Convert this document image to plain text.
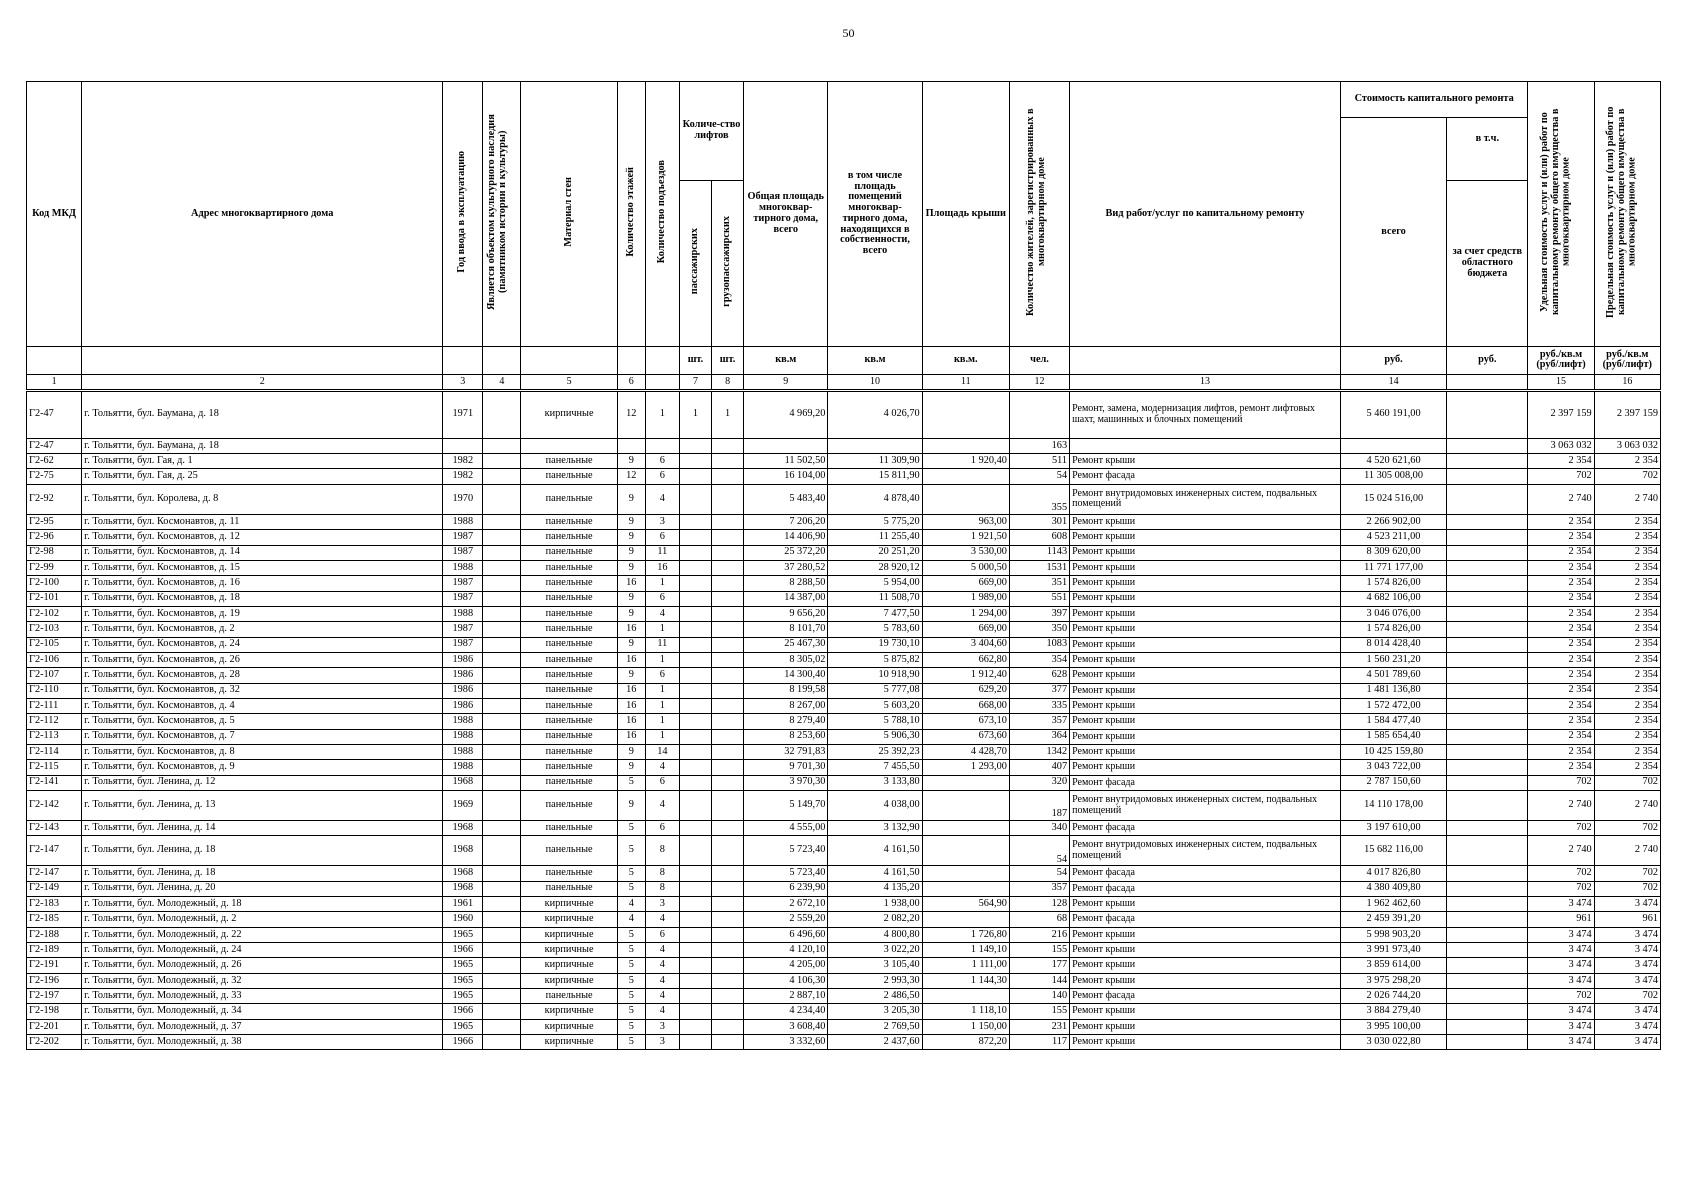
50
Код МКД	Адрес многоквартирного дома	Год ввода в эксплуатацию	Является объектом культурного наследия (памятником истории и культуры)	Материал стен	Количество этажей	Количество подъездов	Количе-ство лифтов		Общая площадь многоквар-тирного дома, всего	в том числе площадь помещений многоквар-тирного дома, находящихся в собственности, всего	Площадь крыши	Количество жителей, зарегистрированных в многоквартирном доме	Вид работ/услуг по капитальному ремонту	Стоимость капитального ремонта		Удельная стоимость услуг и (или) работ по капитальному ремонту общего имущества в многоквартирном доме	Предельная стоимость услуг и (или) работ по капитальному ремонту общего имущества в многоквартирном доме
														всего	в т.ч.		
							пассажирских	грузопассажирских							за счет средств областного бюджета		
							шт.	шт.	кв.м	кв.м	кв.м.	чел.		руб.	руб.	руб./кв.м (руб/лифт)	руб./кв.м (руб/лифт)
1	2	3	4	5	6		7	8	9	10	11	12	13	14		15	16
Г2-47	г. Тольятти, бул. Баумана, д. 18	1971		кирпичные	12	1	1	1	4 969,20	4 026,70			Ремонт, замена, модернизация лифтов, ремонт лифтовых шахт, машинных и блочных помещений	5 460 191,00		2 397 159	2 397 159
Г2-47	г. Тольятти, бул. Баумана, д. 18											163				3 063 032	3 063 032
Г2-62	г. Тольятти, бул. Гая, д. 1	1982		панельные	9	6			11 502,50	11 309,90	1 920,40	511	Ремонт крыши	4 520 621,60		2 354	2 354
Г2-75	г. Тольятти, бул. Гая, д. 25	1982		панельные	12	6			16 104,00	15 811,90		54	Ремонт фасада	11 305 008,00		702	702
Г2-92	г. Тольятти, бул. Королева, д. 8	1970		панельные	9	4			5 483,40	4 878,40		355	Ремонт внутридомовых инженерных систем, подвальных помещений	15 024 516,00		2 740	2 740
Г2-95	г. Тольятти, бул. Космонавтов, д. 11	1988		панельные	9	3			7 206,20	5 775,20	963,00	301	Ремонт крыши	2 266 902,00		2 354	2 354
Г2-96	г. Тольятти, бул. Космонавтов, д. 12	1987		панельные	9	6			14 406,90	11 255,40	1 921,50	608	Ремонт крыши	4 523 211,00		2 354	2 354
Г2-98	г. Тольятти, бул. Космонавтов, д. 14	1987		панельные	9	11			25 372,20	20 251,20	3 530,00	1143	Ремонт крыши	8 309 620,00		2 354	2 354
Г2-99	г. Тольятти, бул. Космонавтов, д. 15	1988		панельные	9	16			37 280,52	28 920,12	5 000,50	1531	Ремонт крыши	11 771 177,00		2 354	2 354
Г2-100	г. Тольятти, бул. Космонавтов, д. 16	1987		панельные	16	1			8 288,50	5 954,00	669,00	351	Ремонт крыши	1 574 826,00		2 354	2 354
Г2-101	г. Тольятти, бул. Космонавтов, д. 18	1987		панельные	9	6			14 387,00	11 508,70	1 989,00	551	Ремонт крыши	4 682 106,00		2 354	2 354
Г2-102	г. Тольятти, бул. Космонавтов, д. 19	1988		панельные	9	4			9 656,20	7 477,50	1 294,00	397	Ремонт крыши	3 046 076,00		2 354	2 354
Г2-103	г. Тольятти, бул. Космонавтов, д. 2	1987		панельные	16	1			8 101,70	5 783,60	669,00	350	Ремонт крыши	1 574 826,00		2 354	2 354
Г2-105	г. Тольятти, бул. Космонавтов, д. 24	1987		панельные	9	11			25 467,30	19 730,10	3 404,60	1083	Ремонт крыши	8 014 428,40		2 354	2 354
Г2-106	г. Тольятти, бул. Космонавтов, д. 26	1986		панельные	16	1			8 305,02	5 875,82	662,80	354	Ремонт крыши	1 560 231,20		2 354	2 354
Г2-107	г. Тольятти, бул. Космонавтов, д. 28	1986		панельные	9	6			14 300,40	10 918,90	1 912,40	628	Ремонт крыши	4 501 789,60		2 354	2 354
Г2-110	г. Тольятти, бул. Космонавтов, д. 32	1986		панельные	16	1			8 199,58	5 777,08	629,20	377	Ремонт крыши	1 481 136,80		2 354	2 354
Г2-111	г. Тольятти, бул. Космонавтов, д. 4	1986		панельные	16	1			8 267,00	5 603,20	668,00	335	Ремонт крыши	1 572 472,00		2 354	2 354
Г2-112	г. Тольятти, бул. Космонавтов, д. 5	1988		панельные	16	1			8 279,40	5 788,10	673,10	357	Ремонт крыши	1 584 477,40		2 354	2 354
Г2-113	г. Тольятти, бул. Космонавтов, д. 7	1988		панельные	16	1			8 253,60	5 906,30	673,60	364	Ремонт крыши	1 585 654,40		2 354	2 354
Г2-114	г. Тольятти, бул. Космонавтов, д. 8	1988		панельные	9	14			32 791,83	25 392,23	4 428,70	1342	Ремонт крыши	10 425 159,80		2 354	2 354
Г2-115	г. Тольятти, бул. Космонавтов, д. 9	1988		панельные	9	4			9 701,30	7 455,50	1 293,00	407	Ремонт крыши	3 043 722,00		2 354	2 354
Г2-141	г. Тольятти, бул. Ленина, д. 12	1968		панельные	5	6			3 970,30	3 133,80		320	Ремонт фасада	2 787 150,60		702	702
Г2-142	г. Тольятти, бул. Ленина, д. 13	1969		панельные	9	4			5 149,70	4 038,00		187	Ремонт внутридомовых инженерных систем, подвальных помещений	14 110 178,00		2 740	2 740
Г2-143	г. Тольятти, бул. Ленина, д. 14	1968		панельные	5	6			4 555,00	3 132,90		340	Ремонт фасада	3 197 610,00		702	702
Г2-147	г. Тольятти, бул. Ленина, д. 18	1968		панельные	5	8			5 723,40	4 161,50		54	Ремонт внутридомовых инженерных систем, подвальных помещений	15 682 116,00		2 740	2 740
Г2-147	г. Тольятти, бул. Ленина, д. 18	1968		панельные	5	8			5 723,40	4 161,50		54	Ремонт фасада	4 017 826,80		702	702
Г2-149	г. Тольятти, бул. Ленина, д. 20	1968		панельные	5	8			6 239,90	4 135,20		357	Ремонт фасада	4 380 409,80		702	702
Г2-183	г. Тольятти, бул. Молодежный, д. 18	1961		кирпичные	4	3			2 672,10	1 938,00	564,90	128	Ремонт крыши	1 962 462,60		3 474	3 474
Г2-185	г. Тольятти, бул. Молодежный, д. 2	1960		кирпичные	4	4			2 559,20	2 082,20		68	Ремонт фасада	2 459 391,20		961	961
Г2-188	г. Тольятти, бул. Молодежный, д. 22	1965		кирпичные	5	6			6 496,60	4 800,80	1 726,80	216	Ремонт крыши	5 998 903,20		3 474	3 474
Г2-189	г. Тольятти, бул. Молодежный, д. 24	1966		кирпичные	5	4			4 120,10	3 022,20	1 149,10	155	Ремонт крыши	3 991 973,40		3 474	3 474
Г2-191	г. Тольятти, бул. Молодежный, д. 26	1965		кирпичные	5	4			4 205,00	3 105,40	1 111,00	177	Ремонт крыши	3 859 614,00		3 474	3 474
Г2-196	г. Тольятти, бул. Молодежный, д. 32	1965		кирпичные	5	4			4 106,30	2 993,30	1 144,30	144	Ремонт крыши	3 975 298,20		3 474	3 474
Г2-197	г. Тольятти, бул. Молодежный, д. 33	1965		панельные	5	4			2 887,10	2 486,50		140	Ремонт фасада	2 026 744,20		702	702
Г2-198	г. Тольятти, бул. Молодежный, д. 34	1966		кирпичные	5	4			4 234,40	3 205,30	1 118,10	155	Ремонт крыши	3 884 279,40		3 474	3 474
Г2-201	г. Тольятти, бул. Молодежный, д. 37	1965		кирпичные	5	3			3 608,40	2 769,50	1 150,00	231	Ремонт крыши	3 995 100,00		3 474	3 474
Г2-202	г. Тольятти, бул. Молодежный, д. 38	1966		кирпичные	5	3			3 332,60	2 437,60	872,20	117	Ремонт крыши	3 030 022,80		3 474	3 474
